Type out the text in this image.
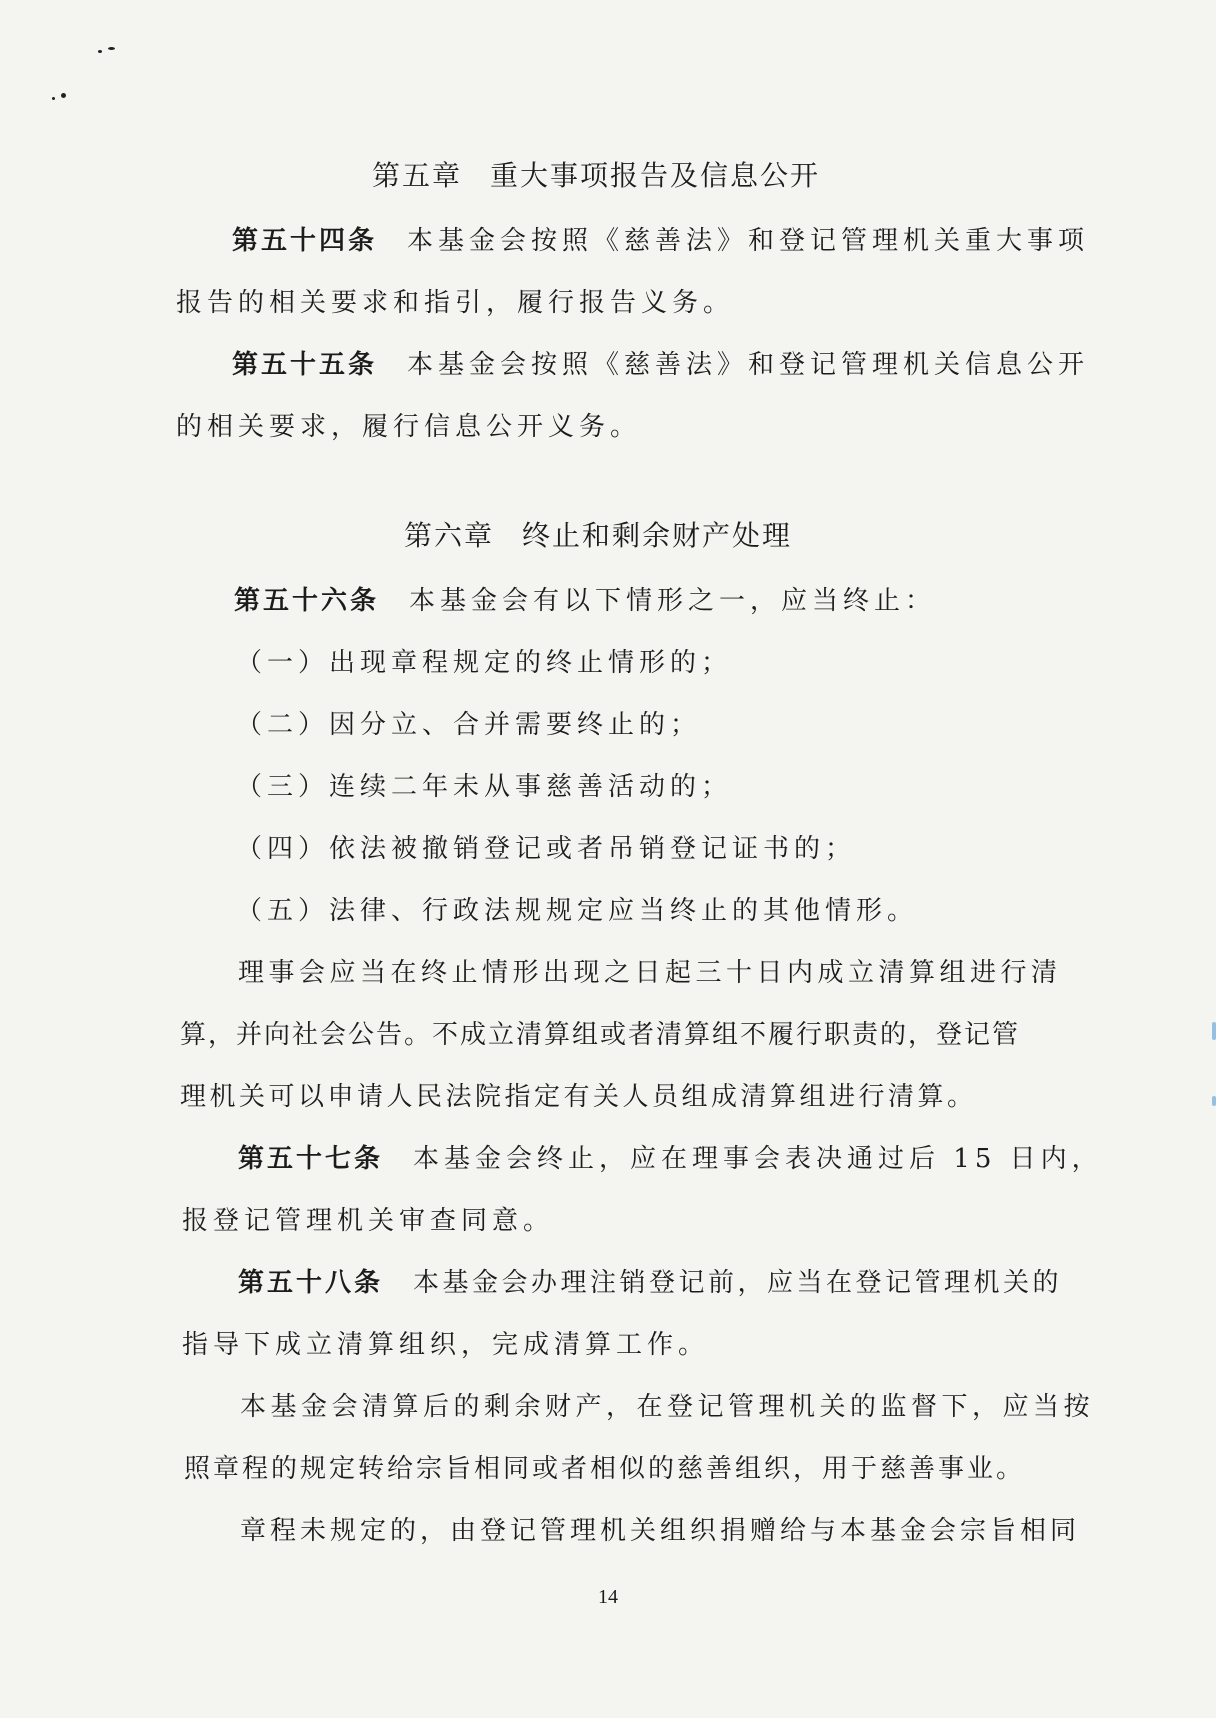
第五章 重大事项报告及信息公开
第五十四条 本基金会按照《慈善法》和登记管理机关重大事项
报告的相关要求和指引，履行报告义务。
第五十五条 本基金会按照《慈善法》和登记管理机关信息公开
的相关要求，履行信息公开义务。
第六章 终止和剩余财产处理
第五十六条 本基金会有以下情形之一，应当终止：
（一）出现章程规定的终止情形的；
（二）因分立、合并需要终止的；
（三）连续二年未从事慈善活动的；
（四）依法被撤销登记或者吊销登记证书的；
（五）法律、行政法规规定应当终止的其他情形。
理事会应当在终止情形出现之日起三十日内成立清算组进行清
算，并向社会公告。不成立清算组或者清算组不履行职责的，登记管
理机关可以申请人民法院指定有关人员组成清算组进行清算。
第五十七条 本基金会终止，应在理事会表决通过后 15 日内，
报登记管理机关审查同意。
第五十八条 本基金会办理注销登记前，应当在登记管理机关的
指导下成立清算组织，完成清算工作。
本基金会清算后的剩余财产，在登记管理机关的监督下，应当按
照章程的规定转给宗旨相同或者相似的慈善组织，用于慈善事业。
章程未规定的，由登记管理机关组织捐赠给与本基金会宗旨相同
14
